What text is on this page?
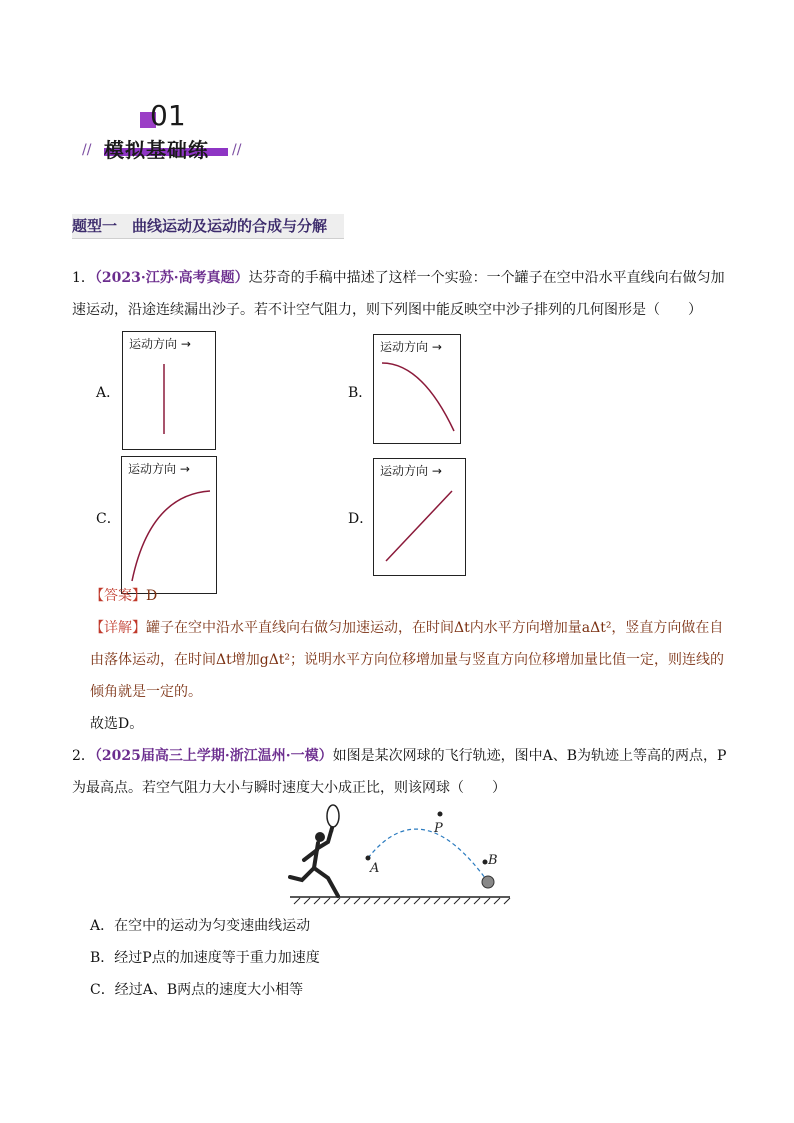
01
//	//
模拟基础练
题型一　曲线运动及运动的合成与分解
1．（2023·江苏·高考真题）达芬奇的手稿中描述了这样一个实验：一个罐子在空中沿水平直线向右做匀加
速运动，沿途连续漏出沙子。若不计空气阻力，则下列图中能反映空中沙子排列的几何图形是（　　）
A．
运动方向 →
B．
运动方向 →
C．
运动方向 →
D．
运动方向 →
【答案】D
【详解】罐子在空中沿水平直线向右做匀加速运动，在时间Δt内水平方向增加量aΔt²，竖直方向做在自
由落体运动，在时间Δt增加gΔt²；说明水平方向位移增加量与竖直方向位移增加量比值一定，则连线的
倾角就是一定的。
故选D。
2．（2025届高三上学期·浙江温州·一模）如图是某次网球的飞行轨迹，图中A、B为轨迹上等高的两点，P
为最高点。若空气阻力大小与瞬时速度大小成正比，则该网球（　　）
A
P
B
A．在空中的运动为匀变速曲线运动
B．经过P点的加速度等于重力加速度
C．经过A、B两点的速度大小相等
